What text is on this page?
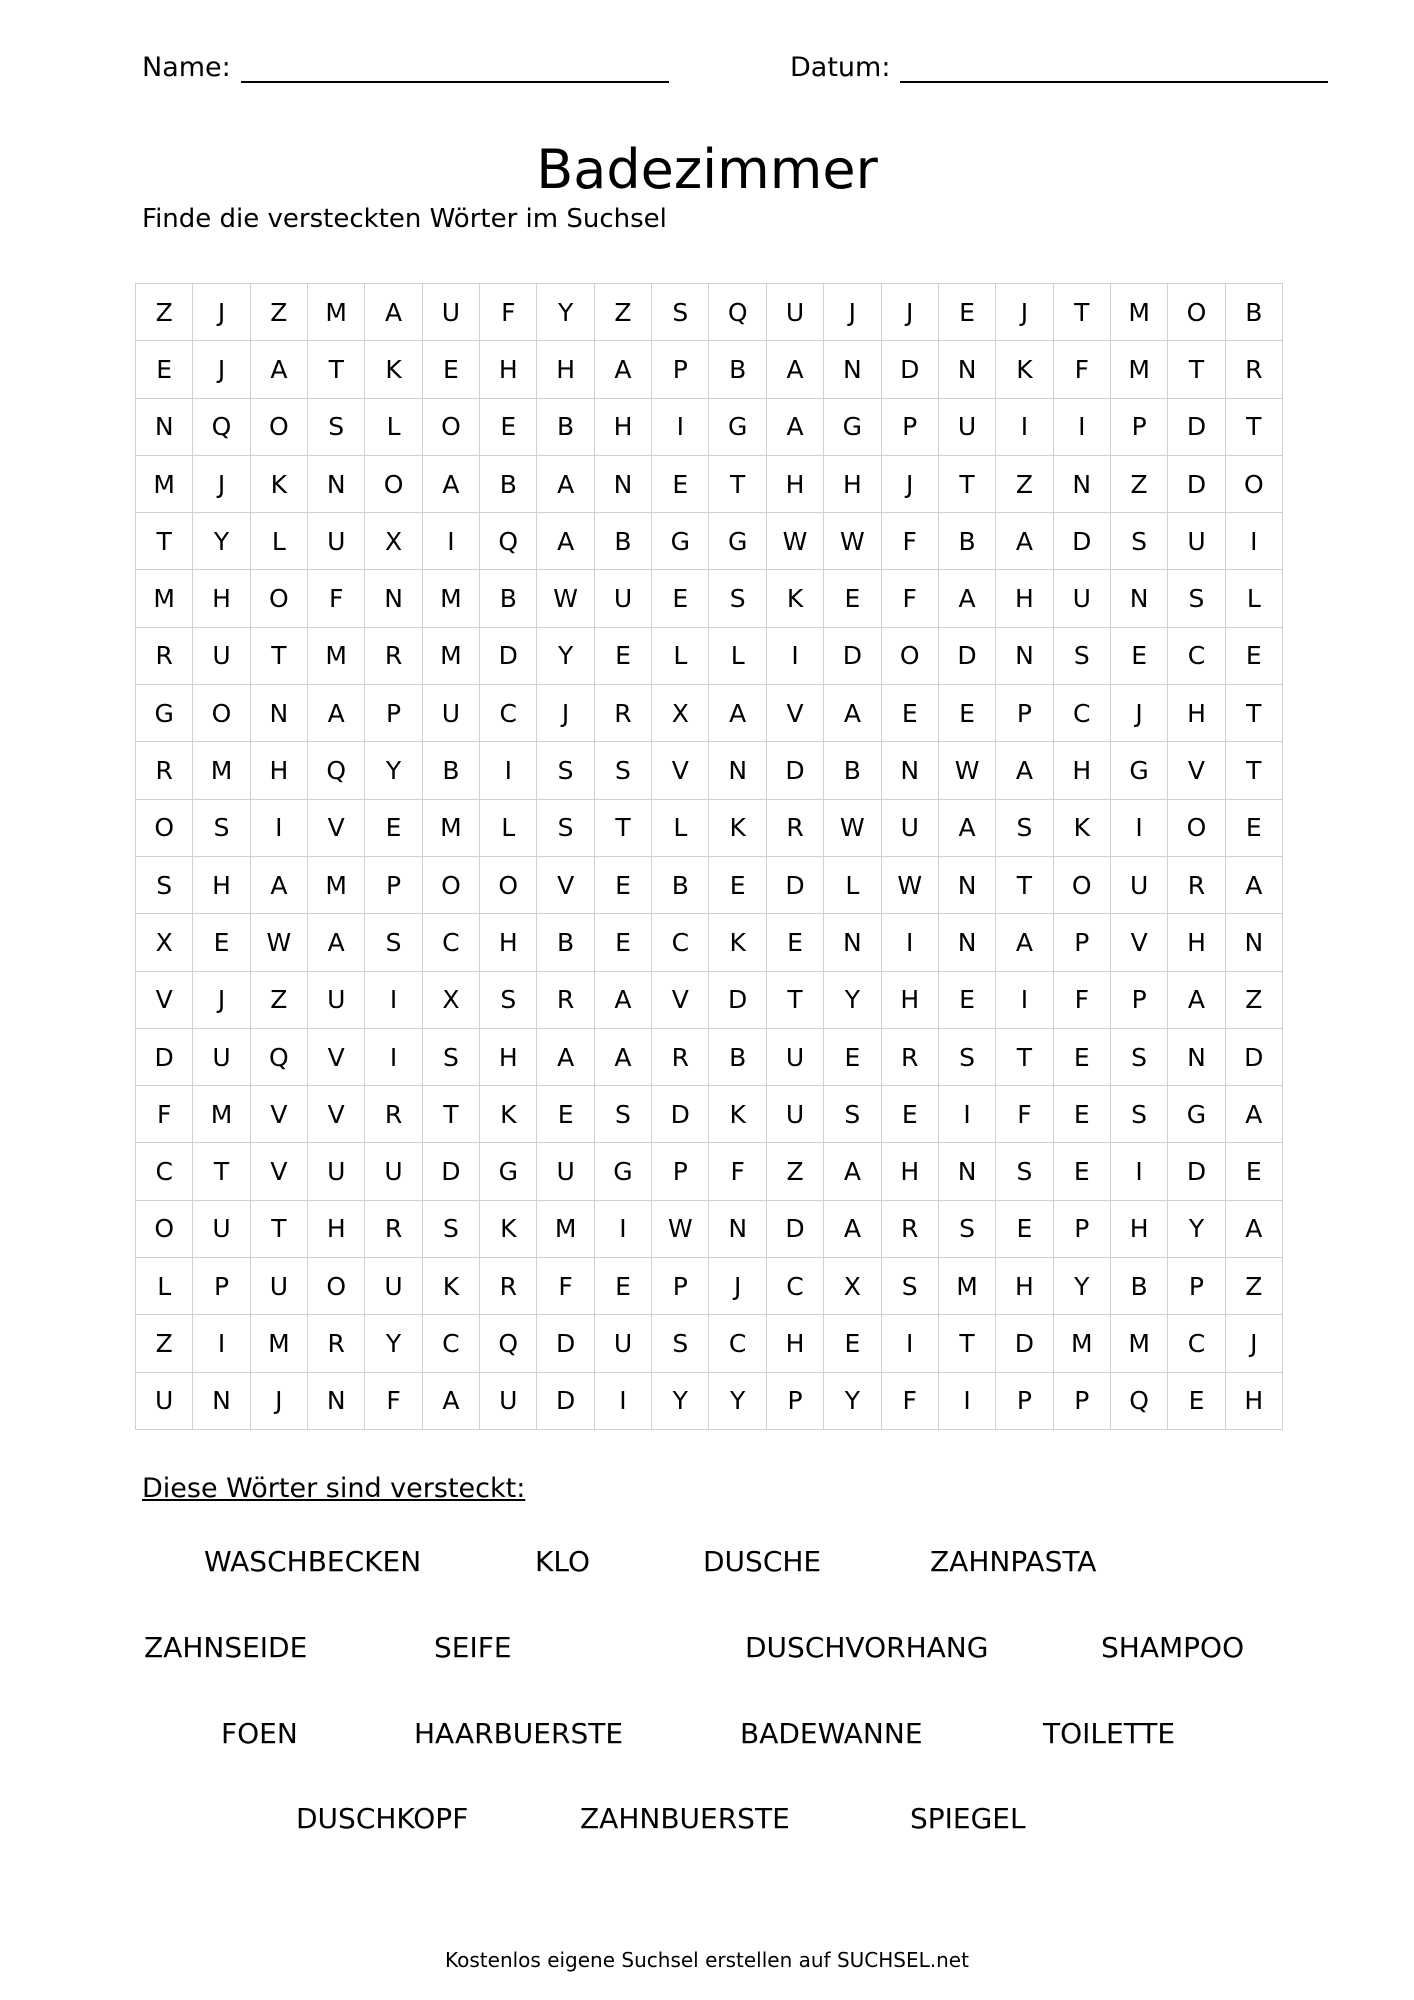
Name:	Datum:
Badezimmer
Finde die versteckten Wörter im Suchsel
Z	J	Z	M	A	U	F	Y	Z	S	Q	U	J	J	E	J	T	M	O	B
E	J	A	T	K	E	H	H	A	P	B	A	N	D	N	K	F	M	T	R
N	Q	O	S	L	O	E	B	H	I	G	A	G	P	U	I	I	P	D	T
M	J	K	N	O	A	B	A	N	E	T	H	H	J	T	Z	N	Z	D	O
T	Y	L	U	X	I	Q	A	B	G	G	W	W	F	B	A	D	S	U	I
M	H	O	F	N	M	B	W	U	E	S	K	E	F	A	H	U	N	S	L
R	U	T	M	R	M	D	Y	E	L	L	I	D	O	D	N	S	E	C	E
G	O	N	A	P	U	C	J	R	X	A	V	A	E	E	P	C	J	H	T
R	M	H	Q	Y	B	I	S	S	V	N	D	B	N	W	A	H	G	V	T
O	S	I	V	E	M	L	S	T	L	K	R	W	U	A	S	K	I	O	E
S	H	A	M	P	O	O	V	E	B	E	D	L	W	N	T	O	U	R	A
X	E	W	A	S	C	H	B	E	C	K	E	N	I	N	A	P	V	H	N
V	J	Z	U	I	X	S	R	A	V	D	T	Y	H	E	I	F	P	A	Z
D	U	Q	V	I	S	H	A	A	R	B	U	E	R	S	T	E	S	N	D
F	M	V	V	R	T	K	E	S	D	K	U	S	E	I	F	E	S	G	A
C	T	V	U	U	D	G	U	G	P	F	Z	A	H	N	S	E	I	D	E
O	U	T	H	R	S	K	M	I	W	N	D	A	R	S	E	P	H	Y	A
L	P	U	O	U	K	R	F	E	P	J	C	X	S	M	H	Y	B	P	Z
Z	I	M	R	Y	C	Q	D	U	S	C	H	E	I	T	D	M	M	C	J
U	N	J	N	F	A	U	D	I	Y	Y	P	Y	F	I	P	P	Q	E	H
Diese Wörter sind versteckt:
WASCHBECKEN	KLO	DUSCHE	ZAHNPASTA
ZAHNSEIDE	SEIFE	DUSCHVORHANG	SHAMPOO
FOEN	HAARBUERSTE	BADEWANNE	TOILETTE
DUSCHKOPF	ZAHNBUERSTE	SPIEGEL
Kostenlos eigene Suchsel erstellen auf SUCHSEL.net
